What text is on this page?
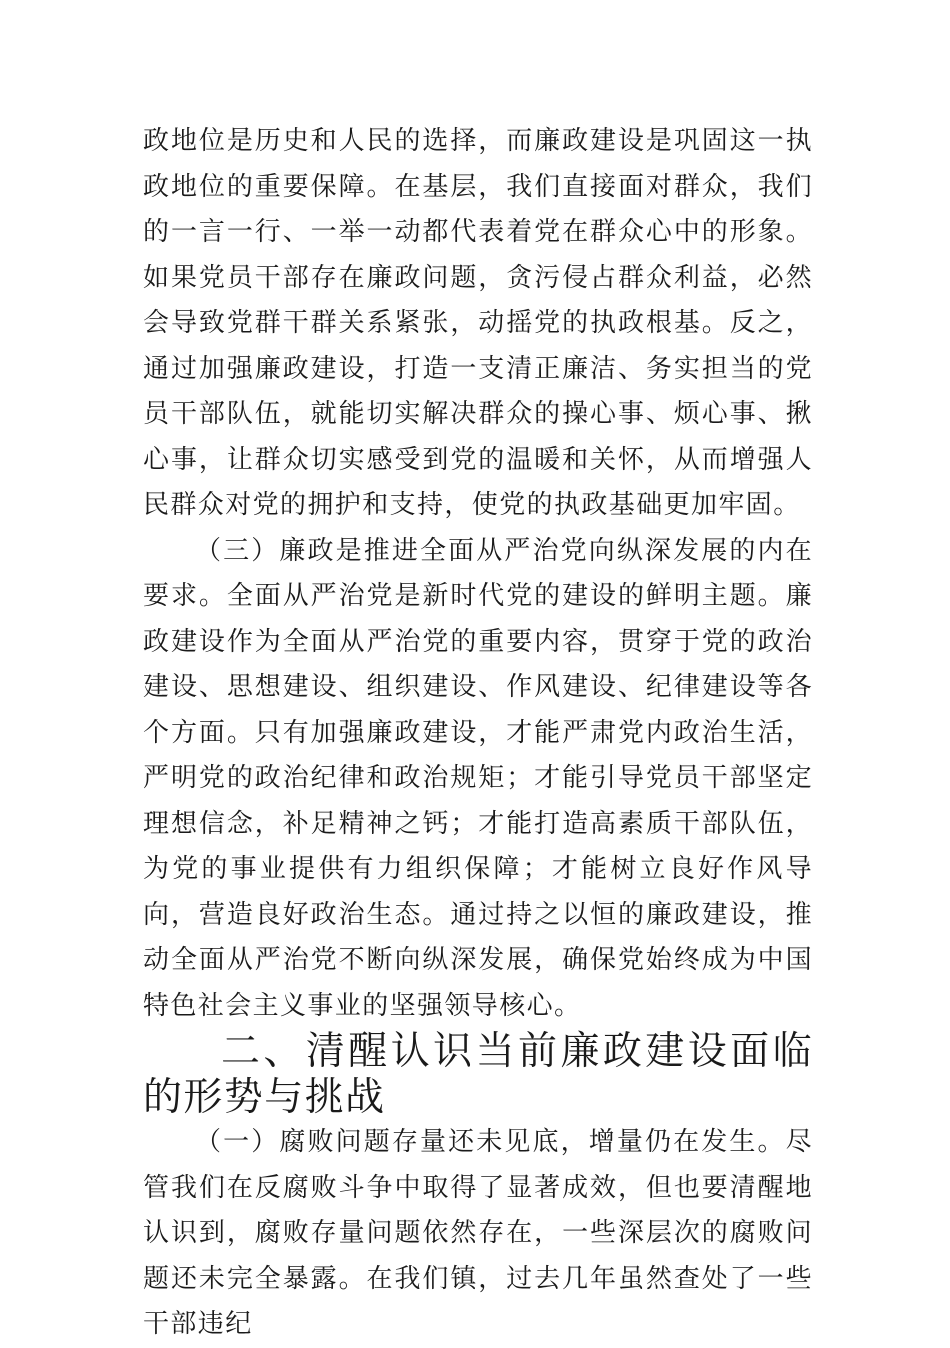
政地位是历史和人民的选择，而廉政建设是巩固这一执政地位的重要保障。在基层，我们直接面对群众，我们的一言一行、一举一动都代表着党在群众心中的形象。如果党员干部存在廉政问题，贪污侵占群众利益，必然会导致党群干群关系紧张，动摇党的执政根基。反之，通过加强廉政建设，打造一支清正廉洁、务实担当的党员干部队伍，就能切实解决群众的操心事、烦心事、揪心事，让群众切实感受到党的温暖和关怀，从而增强人民群众对党的拥护和支持，使党的执政基础更加牢固。

（三）廉政是推进全面从严治党向纵深发展的内在要求。全面从严治党是新时代党的建设的鲜明主题。廉政建设作为全面从严治党的重要内容，贯穿于党的政治建设、思想建设、组织建设、作风建设、纪律建设等各个方面。只有加强廉政建设，才能严肃党内政治生活，严明党的政治纪律和政治规矩；才能引导党员干部坚定理想信念，补足精神之钙；才能打造高素质干部队伍，为党的事业提供有力组织保障；才能树立良好作风导向，营造良好政治生态。通过持之以恒的廉政建设，推动全面从严治党不断向纵深发展，确保党始终成为中国特色社会主义事业的坚强领导核心。

二、清醒认识当前廉政建设面临的形势与挑战

（一）腐败问题存量还未见底，增量仍在发生。尽管我们在反腐败斗争中取得了显著成效，但也要清醒地认识到，腐败存量问题依然存在，一些深层次的腐败问题还未完全暴露。在我们镇，过去几年虽然查处了一些干部违纪
